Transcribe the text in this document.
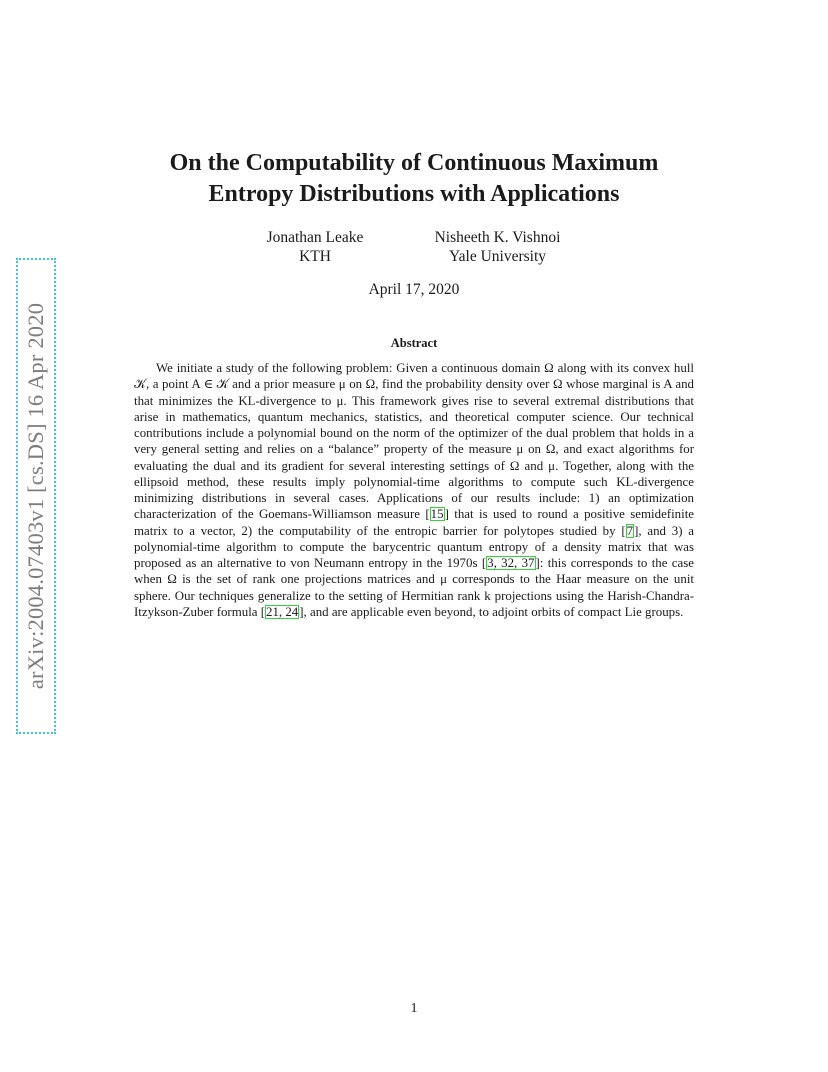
arXiv:2004.07403v1 [cs.DS] 16 Apr 2020
On the Computability of Continuous Maximum
Entropy Distributions with Applications
Jonathan Leake
KTH
Nisheeth K. Vishnoi
Yale University
April 17, 2020
Abstract
We initiate a study of the following problem: Given a continuous domain Ω along with its convex hull 𝒦, a point A ∈ 𝒦 and a prior measure μ on Ω, find the probability density over Ω whose marginal is A and that minimizes the KL-divergence to μ. This framework gives rise to several extremal distributions that arise in mathematics, quantum mechanics, statistics, and theoretical computer science. Our technical contributions include a polynomial bound on the norm of the optimizer of the dual problem that holds in a very general setting and relies on a “balance” property of the measure μ on Ω, and exact algorithms for evaluating the dual and its gradient for several interesting settings of Ω and μ. Together, along with the ellipsoid method, these results imply polynomial-time algorithms to compute such KL-divergence minimizing distributions in several cases. Applications of our results include: 1) an optimization characterization of the Goemans-Williamson measure [15] that is used to round a positive semidefinite matrix to a vector, 2) the computability of the entropic barrier for polytopes studied by [7], and 3) a polynomial-time algorithm to compute the barycentric quantum entropy of a density matrix that was proposed as an alternative to von Neumann entropy in the 1970s [3, 32, 37]: this corresponds to the case when Ω is the set of rank one projections matrices and μ corresponds to the Haar measure on the unit sphere. Our techniques generalize to the setting of Hermitian rank k projections using the Harish-Chandra-Itzykson-Zuber formula [21, 24], and are applicable even beyond, to adjoint orbits of compact Lie groups.
1
